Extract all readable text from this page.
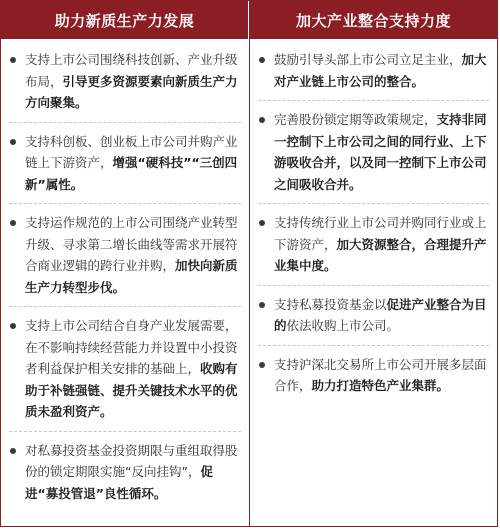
助力新质生产力发展
支持上市公司围绕科技创新、产业升级布局，引导更多资源要素向新质生产力方向聚集。
支持科创板、创业板上市公司并购产业链上下游资产，增强“硬科技”“三创四新”属性。
支持运作规范的上市公司围绕产业转型升级、寻求第二增长曲线等需求开展符合商业逻辑的跨行业并购，加快向新质生产力转型步伐。
支持上市公司结合自身产业发展需要，在不影响持续经营能力并设置中小投资者利益保护相关安排的基础上，收购有助于补链强链、提升关键技术水平的优质未盈利资产。
对私募投资基金投资期限与重组取得股份的锁定期限实施“反向挂钩”，促进“募投管退”良性循环。
加大产业整合支持力度
鼓励引导头部上市公司立足主业，加大对产业链上市公司的整合。
完善股份锁定期等政策规定，支持非同一控制下上市公司之间的同行业、上下游吸收合并，以及同一控制下上市公司之间吸收合并。
支持传统行业上市公司并购同行业或上下游资产，加大资源整合，合理提升产业集中度。
支持私募投资基金以促进产业整合为目的依法收购上市公司。
支持沪深北交易所上市公司开展多层面合作，助力打造特色产业集群。
